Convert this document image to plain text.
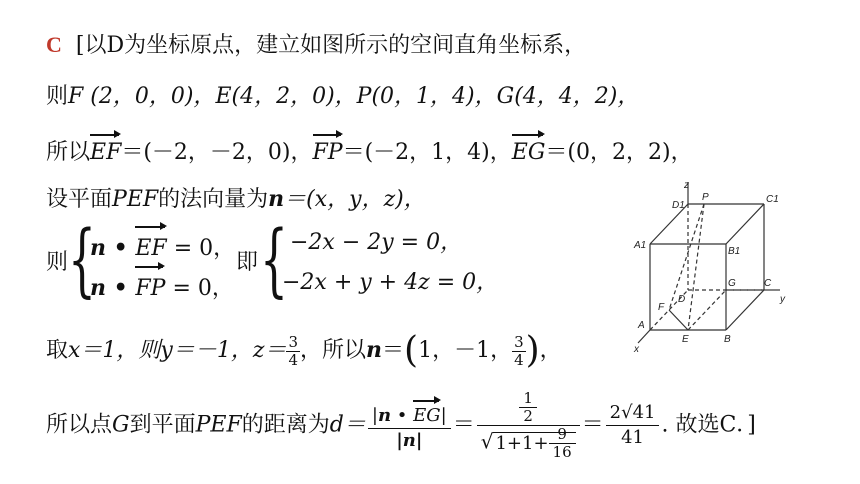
C [以D为坐标原点，建立如图所示的空间直角坐标系，
则F (2，0，0)，E(4，2，0)，P(0，1，4)，G(4，4，2)，
所以EF＝(－2，－2，0)，FP＝(－2，1，4)，EG＝(0，2，2)，
设平面PEF的法向量为n＝(x，y，z)，
则 {
n • EF = 0，
n • FP = 0，
即 { −2x − 2y = 0，
−2x + y + 4z = 0，
取x＝1，则y＝－1，$z= \frac{3}{4}$ ，所以n＝(1，－1， $\frac{3}{4}$ )，
所以点G到平面PEF的距离为$d= \frac{|n • EG|}{|n|} = \frac{\frac{1}{2}}{√ 1+1+ \frac{9}{16}} = \frac{2√41}{41}$ . 故选C．]
z
D1
P	C1
A1
B1
G	C
y
F
D
A
E	B
x
